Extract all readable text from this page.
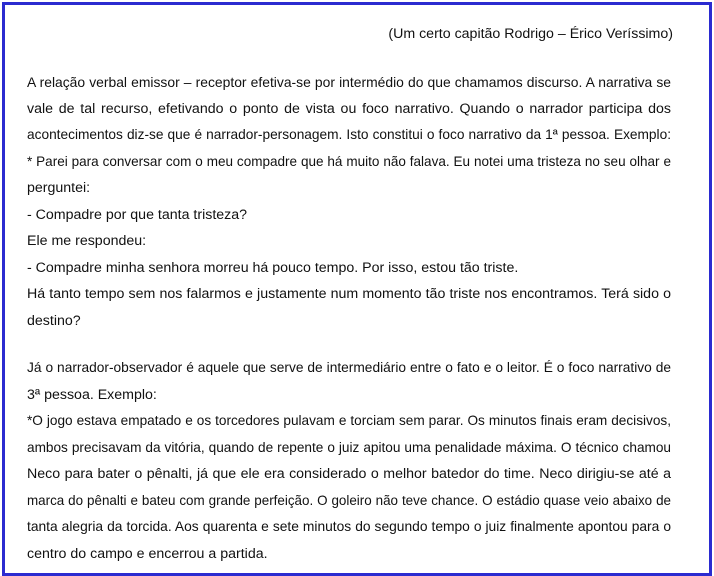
(Um certo capitão Rodrigo – Érico Veríssimo)
A relação verbal emissor – receptor efetiva-se por intermédio do que chamamos discurso. A narrativa se
vale de tal recurso, efetivando o ponto de vista ou foco narrativo. Quando o narrador participa dos
acontecimentos diz-se que é narrador-personagem. Isto constitui o foco narrativo da 1ª pessoa. Exemplo:
* Parei para conversar com o meu compadre que há muito não falava. Eu notei uma tristeza no seu olhar e
perguntei:
- Compadre por que tanta tristeza?
Ele me respondeu:
- Compadre minha senhora morreu há pouco tempo. Por isso, estou tão triste.
Há tanto tempo sem nos falarmos e justamente num momento tão triste nos encontramos. Terá sido o
destino?
Já o narrador-observador é aquele que serve de intermediário entre o fato e o leitor. É o foco narrativo de
3ª pessoa. Exemplo:
*O jogo estava empatado e os torcedores pulavam e torciam sem parar. Os minutos finais eram decisivos,
ambos precisavam da vitória, quando de repente o juiz apitou uma penalidade máxima. O técnico chamou
Neco para bater o pênalti, já que ele era considerado o melhor batedor do time. Neco dirigiu-se até a
marca do pênalti e bateu com grande perfeição. O goleiro não teve chance. O estádio quase veio abaixo de
tanta alegria da torcida. Aos quarenta e sete minutos do segundo tempo o juiz finalmente apontou para o
centro do campo e encerrou a partida.
